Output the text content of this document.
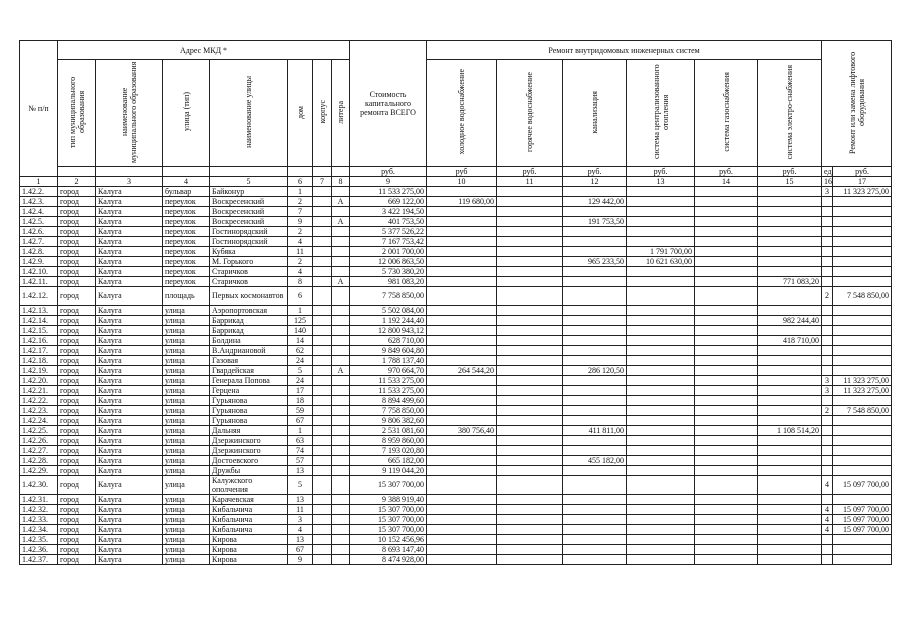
№ п/п	Адрес МКД *							Стоимость капитального ремонта ВСЕГО	Ремонт внутридомовых инженерных систем						Ремонт или замена лифтового оборудования	
	тип муниципального образования	наименование муниципального образования	улица (тип)	наименование улицы	дом	корпус	литера		холодное водоснабжение	горячее водоснабжение	канализация	система централизованного отопления	система газоснабжения	система электро-снабжения		
								руб.	руб	руб.	руб.	руб.	руб.	руб.	ед.	руб.
1	2	3	4	5	6	7	8	9	10	11	12	13	14	15	16	17
1.42.2.	город	Калуга	бульвар	Байконур	1			11 533 275,00							3	11 323 275,00
1.42.3.	город	Калуга	переулок	Воскресенский	2		А	669 122,00	119 680,00		129 442,00					
1.42.4.	город	Калуга	переулок	Воскресенский	7			3 422 194,50								
1.42.5.	город	Калуга	переулок	Воскресенский	9		А	401 753,50			191 753,50					
1.42.6.	город	Калуга	переулок	Гостинорядский	2			5 377 526,22								
1.42.7.	город	Калуга	переулок	Гостинорядский	4			7 167 753,42								
1.42.8.	город	Калуга	переулок	Кубяка	11			2 001 700,00				1 791 700,00				
1.42.9.	город	Калуга	переулок	М. Горького	2			12 006 863,50			965 233,50	10 621 630,00				
1.42.10.	город	Калуга	переулок	Старичков	4			5 730 380,20								
1.42.11.	город	Калуга	переулок	Старичков	8		А	981 083,20						771 083,20		
1.42.12.	город	Калуга	площадь	Первых космонавтов	6			7 758 850,00							2	7 548 850,00
1.42.13.	город	Калуга	улица	Аэропортовская	1			5 502 084,00								
1.42.14.	город	Калуга	улица	Баррикад	125			1 192 244,40						982 244,40		
1.42.15.	город	Калуга	улица	Баррикад	140			12 800 943,12								
1.42.16.	город	Калуга	улица	Болдина	14			628 710,00						418 710,00		
1.42.17.	город	Калуга	улица	В.Андриановой	62			9 849 604,80								
1.42.18.	город	Калуга	улица	Газовая	24			1 788 137,40								
1.42.19.	город	Калуга	улица	Гвардейская	5		А	970 664,70	264 544,20		286 120,50					
1.42.20.	город	Калуга	улица	Генерала Попова	24			11 533 275,00							3	11 323 275,00
1.42.21.	город	Калуга	улица	Герцена	17			11 533 275,00							3	11 323 275,00
1.42.22.	город	Калуга	улица	Гурьянова	18			8 894 499,60								
1.42.23.	город	Калуга	улица	Гурьянова	59			7 758 850,00							2	7 548 850,00
1.42.24.	город	Калуга	улица	Гурьянова	67			9 806 382,60								
1.42.25.	город	Калуга	улица	Дальняя	1			2 531 081,60	380 756,40		411 811,00			1 108 514,20		
1.42.26.	город	Калуга	улица	Дзержинского	63			8 959 860,00								
1.42.27.	город	Калуга	улица	Дзержинского	74			7 193 020,80								
1.42.28.	город	Калуга	улица	Достоевского	57			665 182,00			455 182,00					
1.42.29.	город	Калуга	улица	Дружбы	13			9 119 044,20								
1.42.30.	город	Калуга	улица	Калужского ополчения	5			15 307 700,00							4	15 097 700,00
1.42.31.	город	Калуга	улица	Карачевская	13			9 388 919,40								
1.42.32.	город	Калуга	улица	Кибальчича	11			15 307 700,00							4	15 097 700,00
1.42.33.	город	Калуга	улица	Кибальчича	3			15 307 700,00							4	15 097 700,00
1.42.34.	город	Калуга	улица	Кибальчича	4			15 307 700,00							4	15 097 700,00
1.42.35.	город	Калуга	улица	Кирова	13			10 152 456,96								
1.42.36.	город	Калуга	улица	Кирова	67			8 693 147,40								
1.42.37.	город	Калуга	улица	Кирова	9			8 474 928,00								
